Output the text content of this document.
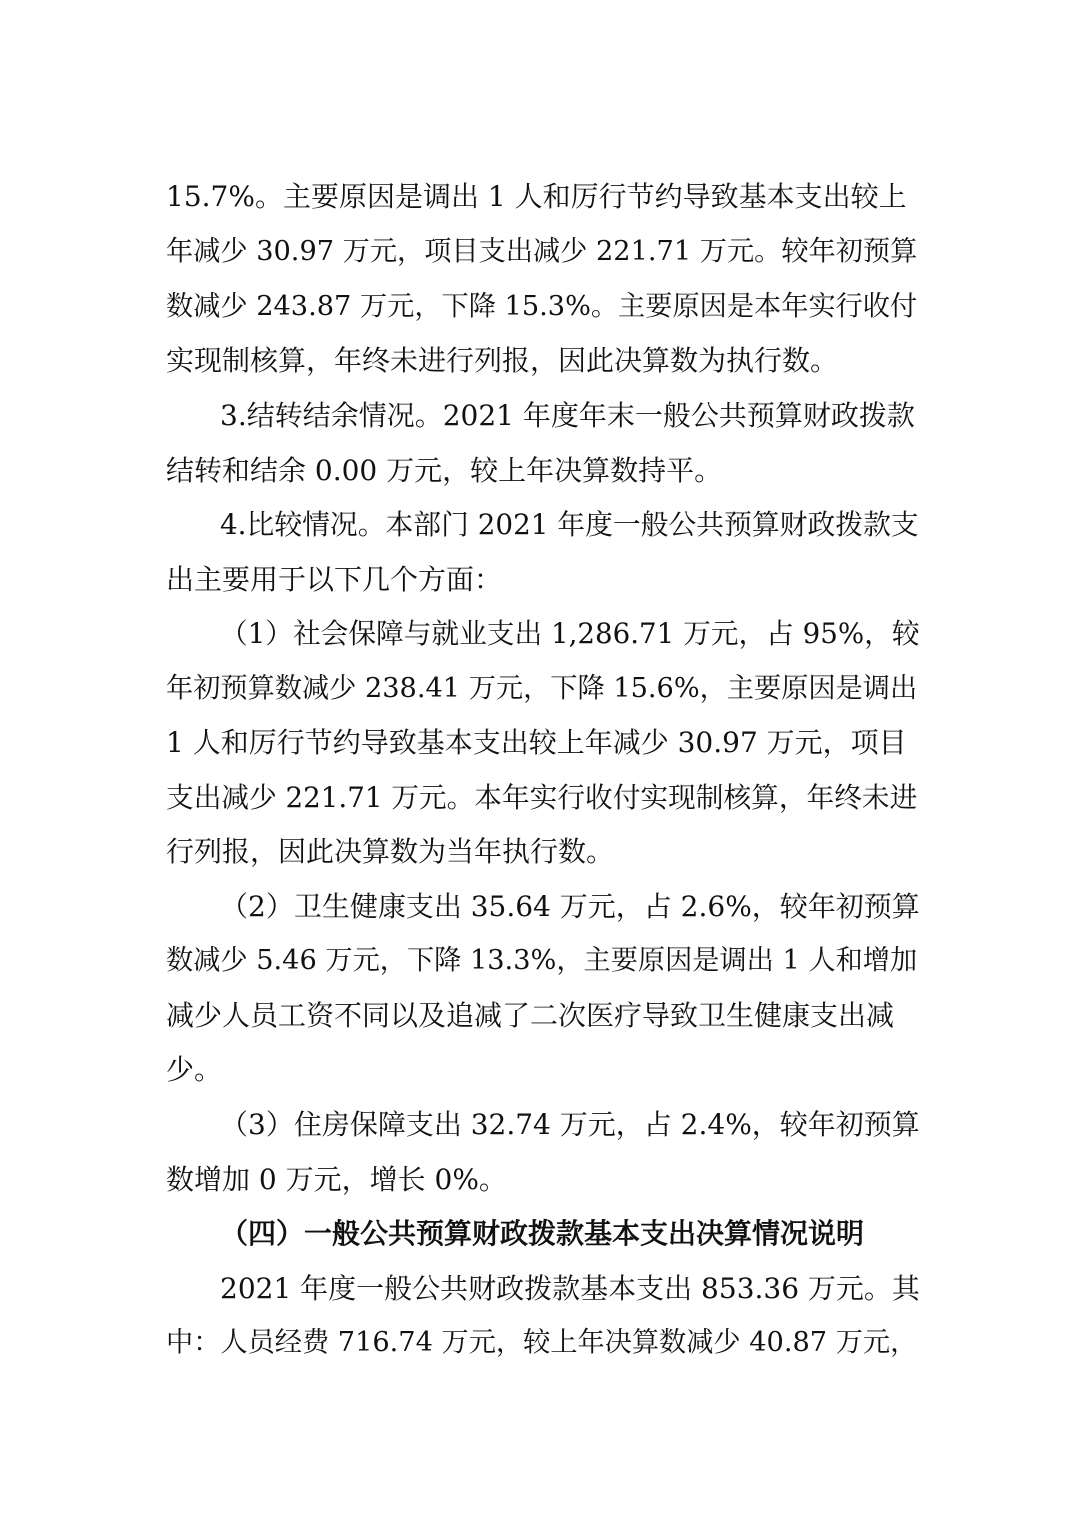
15.7%。主要原因是调出 1 人和厉行节约导致基本支出较上

年减少 30.97 万元，项目支出减少 221.71 万元。较年初预算

数减少 243.87 万元，下降 15.3%。主要原因是本年实行收付

实现制核算，年终未进行列报，因此决算数为执行数。

3.结转结余情况。2021 年度年末一般公共预算财政拨款

结转和结余 0.00 万元，较上年决算数持平。

4.比较情况。本部门 2021 年度一般公共预算财政拨款支

出主要用于以下几个方面：

（1）社会保障与就业支出 1,286.71 万元，占 95%，较

年初预算数减少 238.41 万元，下降 15.6%，主要原因是调出

1 人和厉行节约导致基本支出较上年减少 30.97 万元，项目

支出减少 221.71 万元。本年实行收付实现制核算，年终未进

行列报，因此决算数为当年执行数。

（2）卫生健康支出 35.64 万元，占 2.6%，较年初预算

数减少 5.46 万元，下降 13.3%，主要原因是调出 1 人和增加

减少人员工资不同以及追减了二次医疗导致卫生健康支出减

少。

（3）住房保障支出 32.74 万元，占 2.4%，较年初预算

数增加 0 万元，增长 0%。

（四）一般公共预算财政拨款基本支出决算情况说明

2021 年度一般公共财政拨款基本支出 853.36 万元。其

中：人员经费 716.74 万元，较上年决算数减少 40.87 万元，
